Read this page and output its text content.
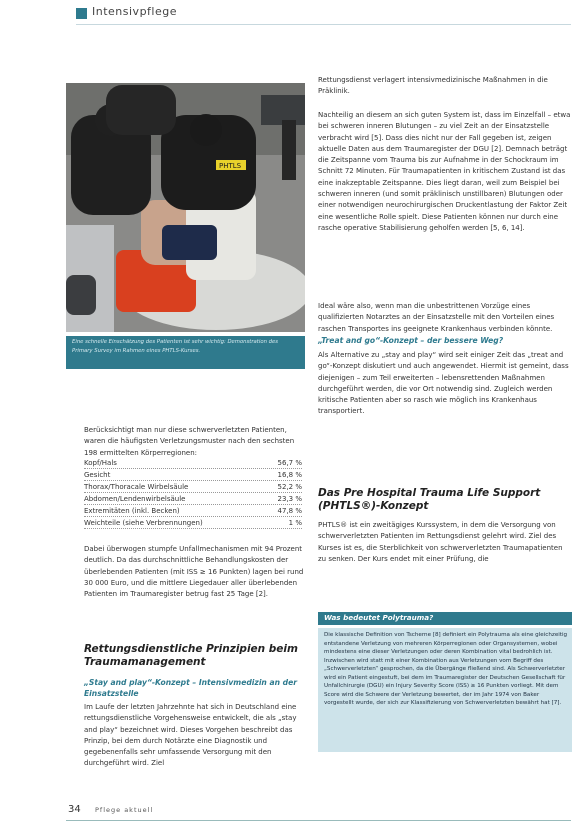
Intensivpflege
PHTLS
Eine schnelle Einschätzung des Patienten ist sehr wichtig: Demonstration des Primary Survey im Rahmen eines PHTLS-Kurses.
Berücksichtigt man nur diese schwerverletzten Patienten, waren die häufigsten Verletzungsmuster nach den sechsten 198 ermittelten Körperregionen:
Kopf/Hals	56,7 %
Gesicht	16,8 %
Thorax/Thoracale Wirbelsäule	52,2 %
Abdomen/Lendenwirbelsäule	23,3 %
Extremitäten (inkl. Becken)	47,8 %
Weichteile (siehe Verbrennungen)	1 %
Dabei überwogen stumpfe Unfallmechanismen mit 94 Prozent deutlich. Da das durchschnittliche Behandlungskosten der überlebenden Patienten (mit ISS ≥ 16 Punkten) lagen bei rund 30 000 Euro, und die mittlere Liegedauer aller überlebenden Patienten im Traumaregister betrug fast 25 Tage [2].
Rettungsdienstliche Prinzipien beim Traumamanagement
„Stay and play“-Konzept – Intensivmedizin an der Einsatzstelle
Im Laufe der letzten Jahrzehnte hat sich in Deutschland eine rettungsdienstliche Vorgehensweise entwickelt, die als „stay and play“ bezeichnet wird. Dieses Vorgehen beschreibt das Prinzip, bei dem durch Notärzte eine Diagnostik und gegebenenfalls sehr umfassende Versorgung mit den durchgeführt wird. Ziel
Rettungsdienst verlagert intensivmedizinische Maßnahmen in die Präklinik.
Nachteilig an diesem an sich guten System ist, dass im Einzelfall – etwa bei schweren inneren Blutungen – zu viel Zeit an der Einsatzstelle verbracht wird [5]. Dass dies nicht nur der Fall gegeben ist, zeigen aktuelle Daten aus dem Traumaregister der DGU [2]. Demnach beträgt die Zeitspanne vom Trauma bis zur Aufnahme in der Schockraum im Schnitt 72 Minuten. Für Traumapatienten in kritischem Zustand ist das eine inakzeptable Zeitspanne. Dies liegt daran, weil zum Beispiel bei schweren inneren (und somit präklinisch unstillbaren) Blutungen oder einer notwendigen neurochirurgischen Druckentlastung der Faktor Zeit eine wesentliche Rolle spielt. Diese Patienten können nur durch eine rasche operative Stabilisierung geholfen werden [5, 6, 14].
Ideal wäre also, wenn man die unbestrittenen Vorzüge eines qualifizierten Notarztes an der Einsatzstelle mit den Vorteilen eines raschen Transportes ins geeignete Krankenhaus verbinden könnte.
„Treat and go“-Konzept – der bessere Weg?
Als Alternative zu „stay and play“ wird seit einiger Zeit das „treat and go“-Konzept diskutiert und auch angewendet. Hiermit ist gemeint, dass diejenigen – zum Teil erweiterten – lebensrettenden Maßnahmen durchgeführt werden, die vor Ort notwendig sind. Zugleich werden kritische Patienten aber so rasch wie möglich ins Krankenhaus transportiert.
Das Pre Hospital Trauma Life Support (PHTLS®)-Konzept
PHTLS® ist ein zweitägiges Kurssystem, in dem die Versorgung von schwerverletzten Patienten im Rettungsdienst gelehrt wird. Ziel des Kurses ist es, die Sterblichkeit von schwerverletzten Traumapatienten zu senken. Der Kurs endet mit einer Prüfung, die
Was bedeutet Polytrauma?
Die klassische Definition von Tscherne [8] definiert ein Polytrauma als eine gleichzeitig entstandene Verletzung von mehreren Körperregionen oder Organsystemen, wobei mindestens eine dieser Verletzungen oder deren Kombination vital bedrohlich ist. Inzwischen wird statt mit einer Kombination aus Verletzungen vom Begriff des „Schwerverletzten“ gesprochen, da die Übergänge fließend sind. Als Schwerverletzter wird ein Patient eingestuft, bei dem im Traumaregister der Deutschen Gesellschaft für Unfallchirurgie (DGU) ein Injury Severity Score (ISS) ≥ 16 Punkten vorliegt. Mit dem Score wird die Schwere der Verletzung bewertet, der im Jahr 1974 von Baker vorgestellt wurde, der sich zur Klassifizierung von Schwerverletzten bewährt hat [7].
34 Pflege aktuell
